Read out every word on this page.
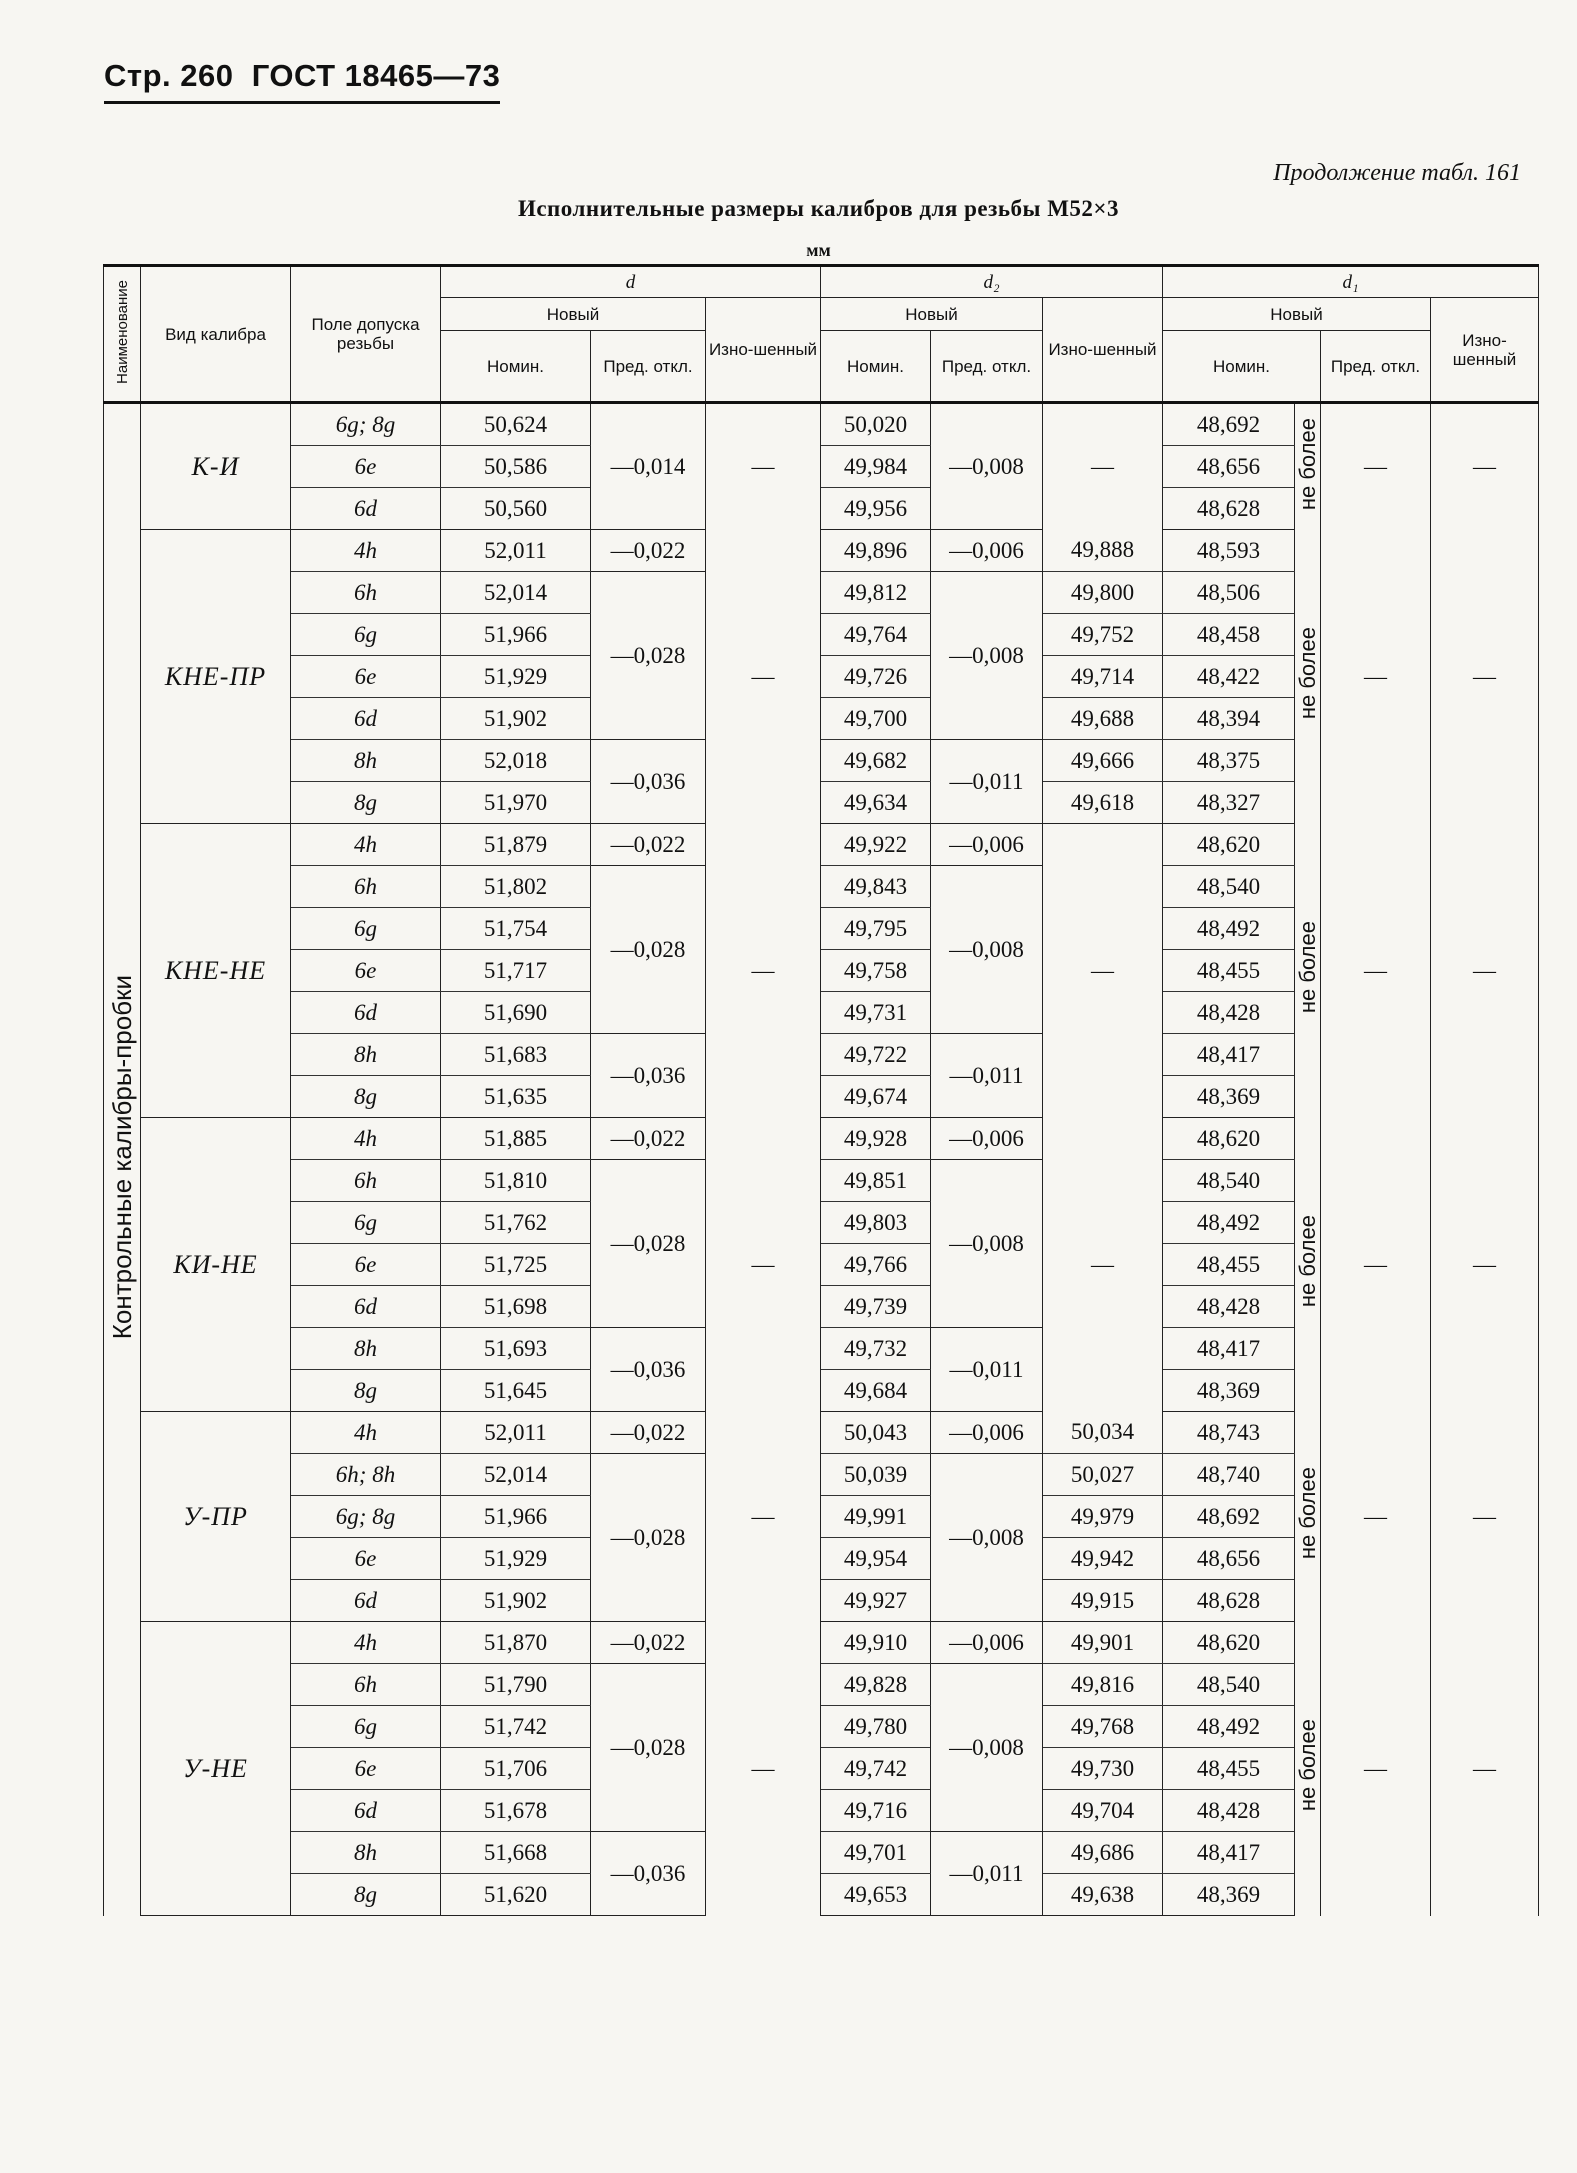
Стр. 260 ГОСТ 18465—73
Продолжение табл. 161
Исполнительные размеры калибров для резьбы М52×3
мм
Наименование	Вид калибра	Поле допуска резьбы	d			d₂			d₁			
			Новый		Изно-шенный	Новый		Изно-шенный	Новый			Изно-шенный
			Номин.	Пред. откл.		Номин.	Пред. откл.		Номин.		Пред. откл.	
Контрольные калибры-пробки	К-И	6g; 8g	50,624	—0,014	—	50,020	—0,008	—	48,692	не более	—	—
		6e	50,586			49,984			48,656			
		6d	50,560			49,956			48,628			
	КНЕ-ПР	4h	52,011	—0,022	—	49,896	—0,006	49,888	48,593	не более	—	—
		6h	52,014	—0,028		49,812	—0,008	49,800	48,506			
		6g	51,966			49,764		49,752	48,458			
		6e	51,929			49,726		49,714	48,422			
		6d	51,902			49,700		49,688	48,394			
		8h	52,018	—0,036		49,682	—0,011	49,666	48,375			
		8g	51,970			49,634		49,618	48,327			
	КНЕ-НЕ	4h	51,879	—0,022	—	49,922	—0,006	—	48,620	не более	—	—
		6h	51,802	—0,028		49,843	—0,008		48,540			
		6g	51,754			49,795			48,492			
		6e	51,717			49,758			48,455			
		6d	51,690			49,731			48,428			
		8h	51,683	—0,036		49,722	—0,011		48,417			
		8g	51,635			49,674			48,369			
	КИ-НЕ	4h	51,885	—0,022	—	49,928	—0,006	—	48,620	не более	—	—
		6h	51,810	—0,028		49,851	—0,008		48,540			
		6g	51,762			49,803			48,492			
		6e	51,725			49,766			48,455			
		6d	51,698			49,739			48,428			
		8h	51,693	—0,036		49,732	—0,011		48,417			
		8g	51,645			49,684			48,369			
	У-ПР	4h	52,011	—0,022	—	50,043	—0,006	50,034	48,743	не более	—	—
		6h; 8h	52,014	—0,028		50,039	—0,008	50,027	48,740			
		6g; 8g	51,966			49,991		49,979	48,692			
		6e	51,929			49,954		49,942	48,656			
		6d	51,902			49,927		49,915	48,628			
	У-НЕ	4h	51,870	—0,022	—	49,910	—0,006	49,901	48,620	не более	—	—
		6h	51,790	—0,028		49,828	—0,008	49,816	48,540			
		6g	51,742			49,780		49,768	48,492			
		6e	51,706			49,742		49,730	48,455			
		6d	51,678			49,716		49,704	48,428			
		8h	51,668	—0,036		49,701	—0,011	49,686	48,417			
		8g	51,620			49,653		49,638	48,369			
